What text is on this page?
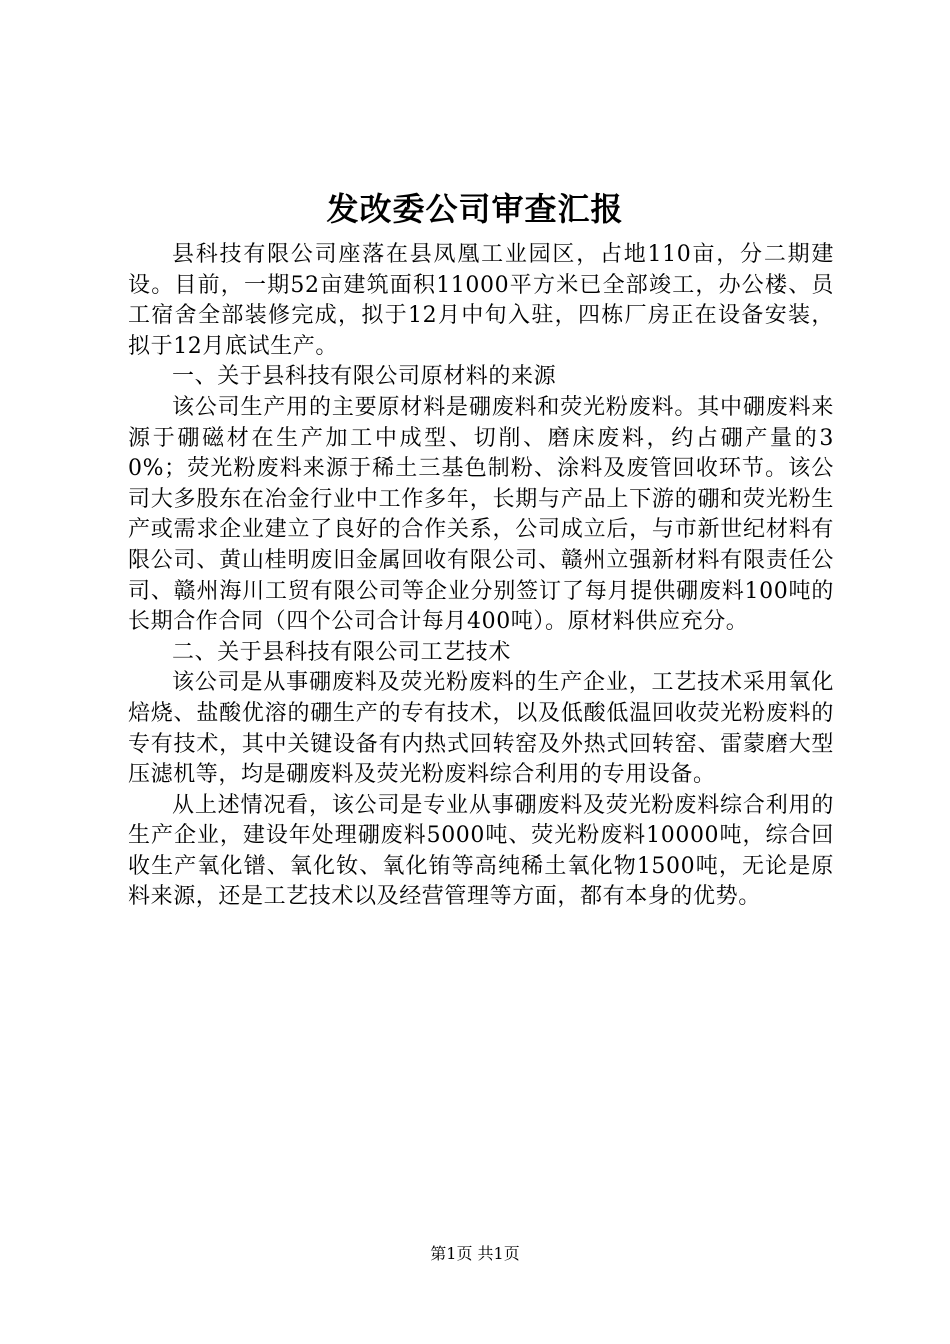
发改委公司审查汇报

县科技有限公司座落在县凤凰工业园区，占地110亩，分二期建设。目前，一期52亩建筑面积11000平方米已全部竣工，办公楼、员工宿舍全部装修完成，拟于12月中旬入驻，四栋厂房正在设备安装，拟于12月底试生产。

一、关于县科技有限公司原材料的来源

该公司生产用的主要原材料是硼废料和荧光粉废料。其中硼废料来源于硼磁材在生产加工中成型、切削、磨床废料，约占硼产量的30%；荧光粉废料来源于稀土三基色制粉、涂料及废管回收环节。该公司大多股东在冶金行业中工作多年，长期与产品上下游的硼和荧光粉生产或需求企业建立了良好的合作关系，公司成立后，与市新世纪材料有限公司、黄山桂明废旧金属回收有限公司、赣州立强新材料有限责任公司、赣州海川工贸有限公司等企业分别签订了每月提供硼废料100吨的长期合作合同（四个公司合计每月400吨）。原材料供应充分。

二、关于县科技有限公司工艺技术

该公司是从事硼废料及荧光粉废料的生产企业，工艺技术采用氧化焙烧、盐酸优溶的硼生产的专有技术，以及低酸低温回收荧光粉废料的专有技术，其中关键设备有内热式回转窑及外热式回转窑、雷蒙磨大型压滤机等，均是硼废料及荧光粉废料综合利用的专用设备。

从上述情况看，该公司是专业从事硼废料及荧光粉废料综合利用的生产企业，建设年处理硼废料5000吨、荧光粉废料10000吨，综合回收生产氧化镨、氧化钕、氧化铕等高纯稀土氧化物1500吨，无论是原料来源，还是工艺技术以及经营管理等方面，都有本身的优势。

第1页 共1页
